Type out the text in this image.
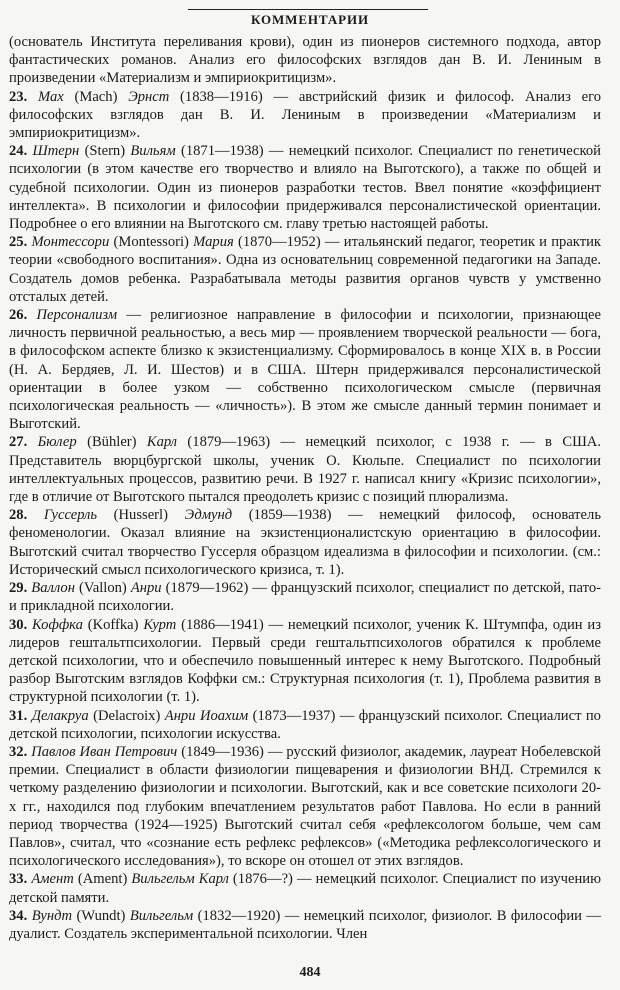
КОММЕНТАРИИ

(основатель Института переливания крови), один из пионеров системного подхода, автор фантастических романов. Анализ его философских взглядов дан В. И. Лениным в произведении «Материализм и эмпириокритицизм».

23. Мах (Mach) Эрнст (1838—1916) — австрийский физик и философ. Анализ его философских взглядов дан В. И. Лениным в произведении «Материализм и эмпириокритицизм».

24. Штерн (Stern) Вильям (1871—1938) — немецкий психолог. Специалист по генетической психологии (в этом качестве его творчество и влияло на Выготского), а также по общей и судебной психологии. Один из пионеров разработки тестов. Ввел понятие «коэффициент интеллекта». В психологии и философии придерживался персоналистической ориентации. Подробнее о его влиянии на Выготского см. главу третью настоящей работы.

25. Монтессори (Montessori) Мария (1870—1952) — итальянский педагог, теоретик и практик теории «свободного воспитания». Одна из основательниц современной педагогики на Западе. Создатель домов ребенка. Разрабатывала методы развития органов чувств у умственно отсталых детей.

26. Персонализм — религиозное направление в философии и психологии, признающее личность первичной реальностью, а весь мир — проявлением творческой реальности — бога, в философском аспекте близко к экзистенциализму. Сформировалось в конце XIX в. в России (Н. А. Бердяев, Л. И. Шестов) и в США. Штерн придерживался персоналистической ориентации в более узком — собственно психологическом смысле (первичная психологическая реальность — «личность»). В этом же смысле данный термин понимает и Выготский.

27. Бюлер (Bühler) Карл (1879—1963) — немецкий психолог, с 1938 г. — в США. Представитель вюрцбургской школы, ученик О. Кюльпе. Специалист по психологии интеллектуальных процессов, развитию речи. В 1927 г. написал книгу «Кризис психологии», где в отличие от Выготского пытался преодолеть кризис с позиций плюрализма.

28. Гуссерль (Husserl) Эдмунд (1859—1938) — немецкий философ, основатель феноменологии. Оказал влияние на экзистенционалистскую ориентацию в философии. Выготский считал творчество Гуссерля образцом идеализма в философии и психологии. (см.: Исторический смысл психологического кризиса, т. 1).

29. Валлон (Vallon) Анри (1879—1962) — французский психолог, специалист по детской, пато- и прикладной психологии.

30. Коффка (Koffka) Курт (1886—1941) — немецкий психолог, ученик К. Штумпфа, один из лидеров гештальтпсихологии. Первый среди гештальтпсихологов обратился к проблеме детской психологии, что и обеспечило повышенный интерес к нему Выготского. Подробный разбор Выготским взглядов Коффки см.: Структурная психология (т. 1), Проблема развития в структурной психологии (т. 1).

31. Делакруа (Delacroix) Анри Иоахим (1873—1937) — французский психолог. Специалист по детской психологии, психологии искусства.

32. Павлов Иван Петрович (1849—1936) — русский физиолог, академик, лауреат Нобелевской премии. Специалист в области физиологии пищеварения и физиологии ВНД. Стремился к четкому разделению физиологии и психологии. Выготский, как и все советские психологи 20-х гг., находился под глубоким впечатлением результатов работ Павлова. Но если в ранний период творчества (1924—1925) Выготский считал себя «рефлексологом больше, чем сам Павлов», считал, что «сознание есть рефлекс рефлексов» («Методика рефлексологического и психологического исследования»), то вскоре он отошел от этих взглядов.

33. Амент (Ament) Вильгельм Карл (1876—?) — немецкий психолог. Специалист по изучению детской памяти.

34. Вундт (Wundt) Вильгельм (1832—1920) — немецкий психолог, физиолог. В философии — дуалист. Создатель экспериментальной психологии. Член

484
